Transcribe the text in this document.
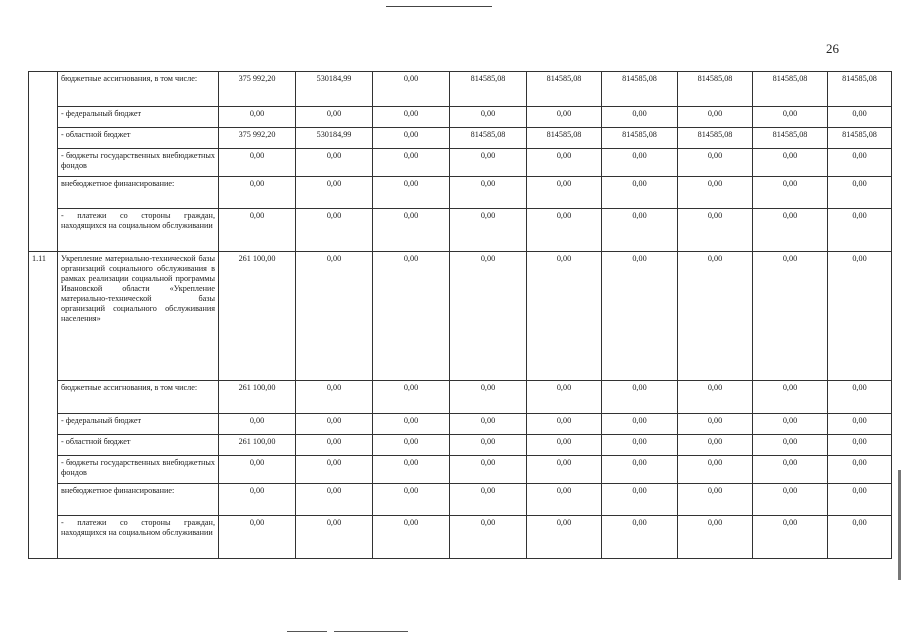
26
	бюджетные ассигнования, в том числе:	375 992,20	530184,99	0,00	814585,08	814585,08	814585,08	814585,08	814585,08	814585,08
	- федеральный бюджет	0,00	0,00	0,00	0,00	0,00	0,00	0,00	0,00	0,00
	- областной бюджет	375 992,20	530184,99	0,00	814585,08	814585,08	814585,08	814585,08	814585,08	814585,08
	- бюджеты государственных внебюджетных фондов	0,00	0,00	0,00	0,00	0,00	0,00	0,00	0,00	0,00
	внебюджетное финансирование:	0,00	0,00	0,00	0,00	0,00	0,00	0,00	0,00	0,00
	- платежи со стороны граждан, находящихся на социальном обслуживании	0,00	0,00	0,00	0,00	0,00	0,00	0,00	0,00	0,00
1.11	Укрепление материально-технической базы организаций социального обслуживания в рамках реализации социальной программы Ивановской области «Укрепление материально-технической базы организаций социального обслуживания населения»	261 100,00	0,00	0,00	0,00	0,00	0,00	0,00	0,00	0,00
	бюджетные ассигнования, в том числе:	261 100,00	0,00	0,00	0,00	0,00	0,00	0,00	0,00	0,00
	- федеральный бюджет	0,00	0,00	0,00	0,00	0,00	0,00	0,00	0,00	0,00
	- областной бюджет	261 100,00	0,00	0,00	0,00	0,00	0,00	0,00	0,00	0,00
	- бюджеты государственных внебюджетных фондов	0,00	0,00	0,00	0,00	0,00	0,00	0,00	0,00	0,00
	внебюджетное финансирование:	0,00	0,00	0,00	0,00	0,00	0,00	0,00	0,00	0,00
	- платежи со стороны граждан, находящихся на социальном обслуживании	0,00	0,00	0,00	0,00	0,00	0,00	0,00	0,00	0,00
